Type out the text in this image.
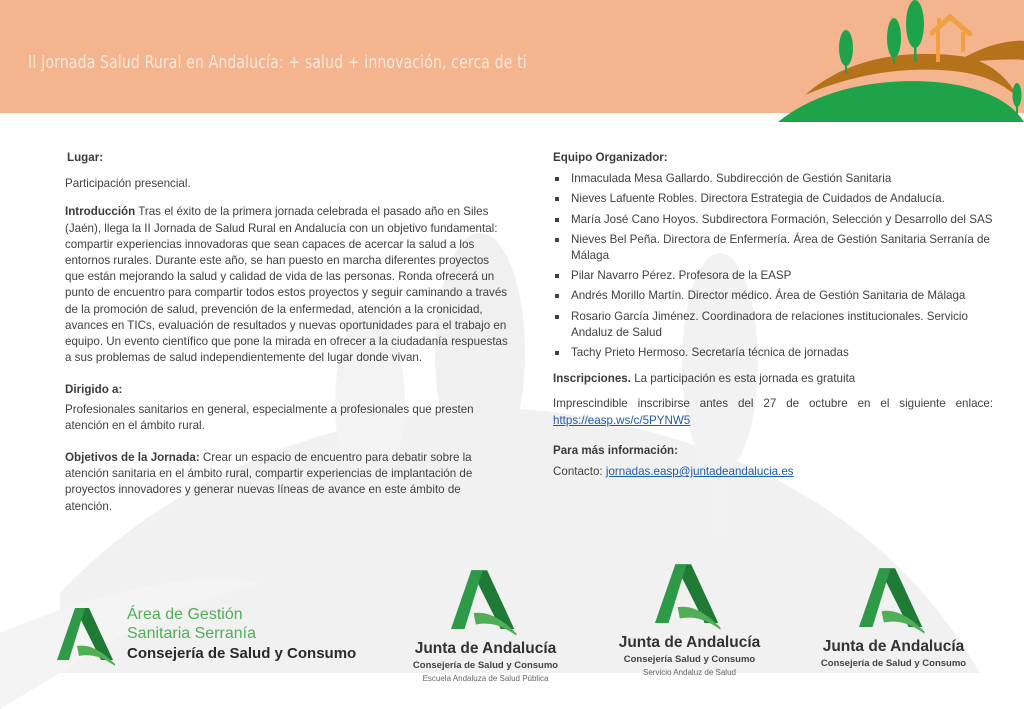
II Jornada Salud Rural en Andalucía: + salud + innovación, cerca de ti
Lugar:
Participación presencial.
Introducción Tras el éxito de la primera jornada celebrada el pasado año en Siles (Jaén), llega la II Jornada de Salud Rural en Andalucía con un objetivo fundamental: compartir experiencias innovadoras que sean capaces de acercar la salud a los entornos rurales. Durante este año, se han puesto en marcha diferentes proyectos que están mejorando la salud y calidad de vida de las personas. Ronda ofrecerá un punto de encuentro para compartir todos estos proyectos y seguir caminando a través de la promoción de salud, prevención de la enfermedad, atención a la cronicidad, avances en TICs, evaluación de resultados y nuevas oportunidades para el trabajo en equipo. Un evento científico que pone la mirada en ofrecer a la ciudadanía respuestas a sus problemas de salud independientemente del lugar donde vivan.
Dirigido a:
Profesionales sanitarios en general, especialmente a profesionales que presten atención en el ámbito rural.
Objetivos de la Jornada: Crear un espacio de encuentro para debatir sobre la atención sanitaria en el ámbito rural, compartir experiencias de implantación de proyectos innovadores y generar nuevas líneas de avance en este ámbito de atención.
Equipo Organizador:
Inmaculada Mesa Gallardo. Subdirección de Gestión Sanitaria
Nieves Lafuente Robles. Directora Estrategia de Cuidados de Andalucía.
María José Cano Hoyos. Subdirectora Formación, Selección y Desarrollo del SAS
Nieves Bel Peña. Directora de Enfermería. Área de Gestión Sanitaria Serranía de Málaga
Pilar Navarro Pérez. Profesora de la EASP
Andrés Morillo Martín. Director médico. Área de Gestión Sanitaria de Málaga
Rosario García Jiménez. Coordinadora de relaciones institucionales. Servicio Andaluz de Salud
Tachy Prieto Hermoso. Secretaría técnica de jornadas
Inscripciones. La participación es esta jornada es gratuita
Imprescindible inscribirse antes del 27 de octubre en el siguiente enlace:
https://easp.ws/c/5PYNW5
Para más información:
Contacto: jornadas.easp@juntadeandalucia.es
Área de Gestión
Sanitaria Serranía
Consejería de Salud y Consumo	Junta de Andalucía
Consejería de Salud y Consumo
Escuela Andaluza de Salud Pública
Junta de Andalucía
Consejería Salud y Consumo
Servicio Andaluz de Salud
Junta de Andalucía
Consejería de Salud y Consumo
